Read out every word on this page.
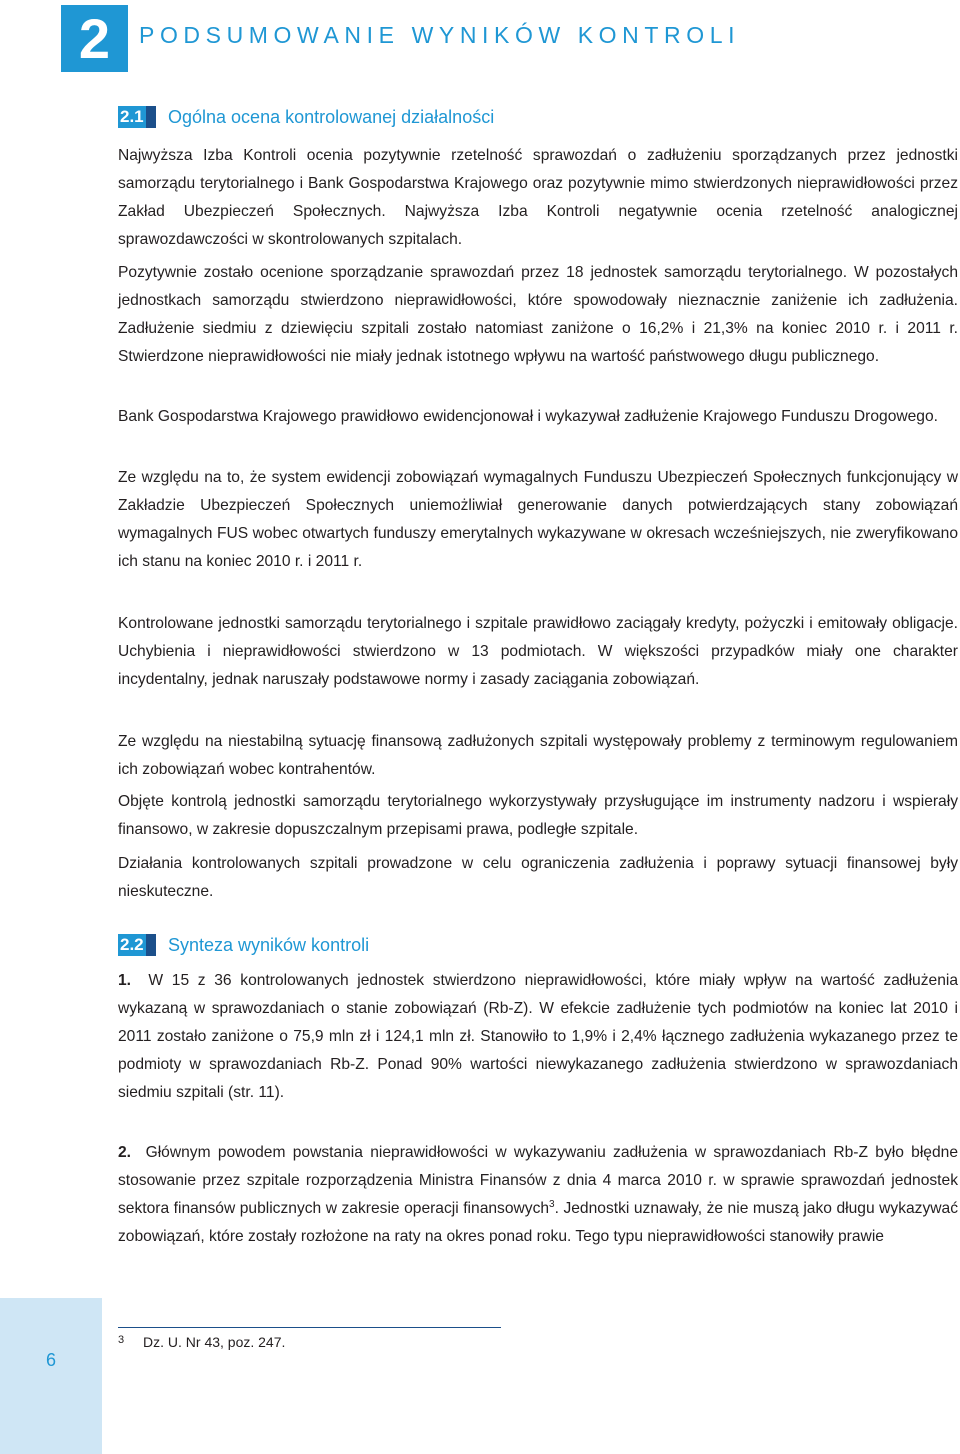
2	PODSUMOWANIE WYNIKÓW KONTROLI
2.1 Ogólna ocena kontrolowanej działalności

Najwyższa Izba Kontroli ocenia pozytywnie rzetelność sprawozdań o zadłużeniu sporządzanych przez jednostki samorządu terytorialnego i Bank Gospodarstwa Krajowego oraz pozytywnie mimo stwierdzonych nieprawidłowości przez Zakład Ubezpieczeń Społecznych. Najwyższa Izba Kontroli negatywnie ocenia rzetelność analogicznej sprawozdawczości w skontrolowanych szpitalach.

Pozytywnie zostało ocenione sporządzanie sprawozdań przez 18 jednostek samorządu terytorialnego. W pozostałych jednostkach samorządu stwierdzono nieprawidłowości, które spowodowały nieznacznie zaniżenie ich zadłużenia. Zadłużenie siedmiu z dziewięciu szpitali zostało natomiast zaniżone o 16,2% i 21,3% na koniec 2010 r. i 2011 r. Stwierdzone nieprawidłowości nie miały jednak istotnego wpływu na wartość państwowego długu publicznego.

Bank Gospodarstwa Krajowego prawidłowo ewidencjonował i wykazywał zadłużenie Krajowego Funduszu Drogowego.

Ze względu na to, że system ewidencji zobowiązań wymagalnych Funduszu Ubezpieczeń Społecznych funkcjonujący w Zakładzie Ubezpieczeń Społecznych uniemożliwiał generowanie danych potwierdzających stany zobowiązań wymagalnych FUS wobec otwartych funduszy emerytalnych wykazywane w okresach wcześniejszych, nie zweryfikowano ich stanu na koniec 2010 r. i 2011 r.

Kontrolowane jednostki samorządu terytorialnego i szpitale prawidłowo zaciągały kredyty, pożyczki i emitowały obligacje. Uchybienia i nieprawidłowości stwierdzono w 13 podmiotach. W większości przypadków miały one charakter incydentalny, jednak naruszały podstawowe normy i zasady zaciągania zobowiązań.

Ze względu na niestabilną sytuację finansową zadłużonych szpitali występowały problemy z terminowym regulowaniem ich zobowiązań wobec kontrahentów.

Objęte kontrolą jednostki samorządu terytorialnego wykorzystywały przysługujące im instrumenty nadzoru i wspierały finansowo, w zakresie dopuszczalnym przepisami prawa, podległe szpitale.

Działania kontrolowanych szpitali prowadzone w celu ograniczenia zadłużenia i poprawy sytuacji finansowej były nieskuteczne.

2.2 Synteza wyników kontroli

1. W 15 z 36 kontrolowanych jednostek stwierdzono nieprawidłowości, które miały wpływ na wartość zadłużenia wykazaną w sprawozdaniach o stanie zobowiązań (Rb-Z). W efekcie zadłużenie tych podmiotów na koniec lat 2010 i 2011 zostało zaniżone o 75,9 mln zł i 124,1 mln zł. Stanowiło to 1,9% i 2,4% łącznego zadłużenia wykazanego przez te podmioty w sprawozdaniach Rb-Z. Ponad 90% wartości niewykazanego zadłużenia stwierdzono w sprawozdaniach siedmiu szpitali (str. 11).

2. Głównym powodem powstania nieprawidłowości w wykazywaniu zadłużenia w sprawozdaniach Rb-Z było błędne stosowanie przez szpitale rozporządzenia Ministra Finansów z dnia 4 marca 2010 r. w sprawie sprawozdań jednostek sektora finansów publicznych w zakresie operacji finansowych$^3$. Jednostki uznawały, że nie muszą jako długu wykazywać zobowiązań, które zostały rozłożone na raty na okres ponad roku. Tego typu nieprawidłowości stanowiły prawie

3 Dz. U. Nr 43, poz. 247.
6
